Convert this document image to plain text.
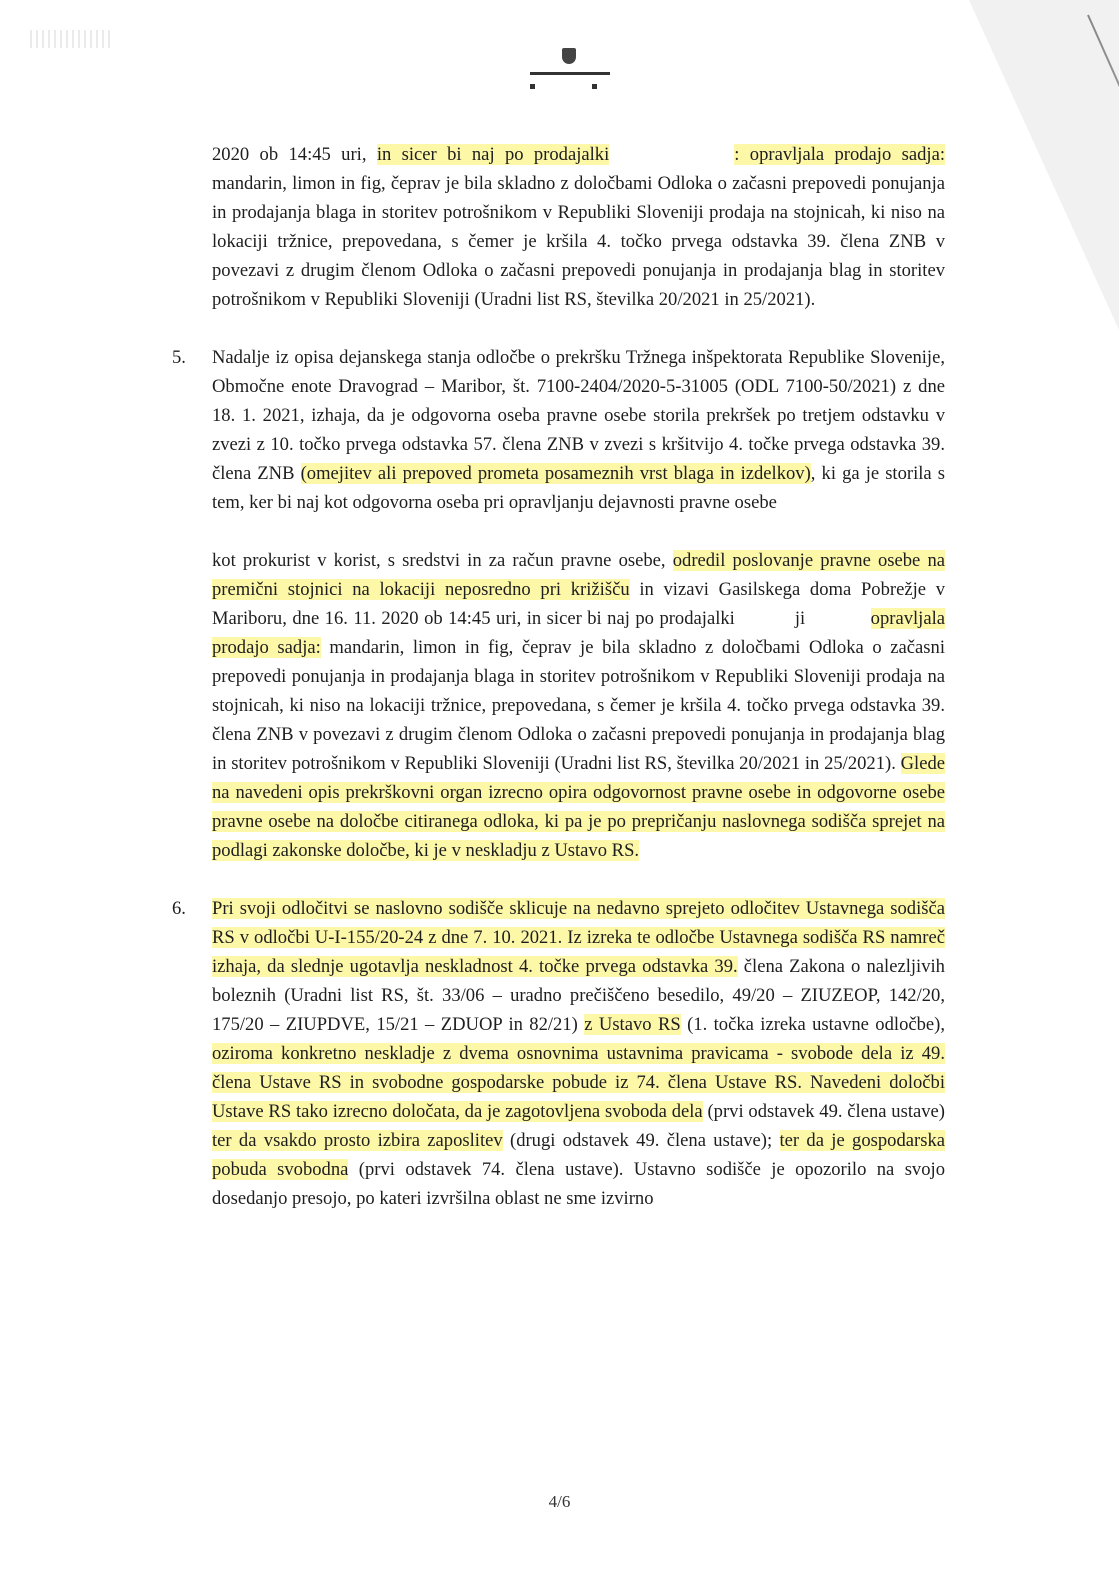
2020 ob 14:45 uri, in sicer bi naj po prodajalki	: opravljala prodajo sadja: mandarin, limon in fig, čeprav je bila skladno z določbami Odloka o začasni prepovedi ponujanja in prodajanja blaga in storitev potrošnikom v Republiki Sloveniji prodaja na stojnicah, ki niso na lokaciji tržnice, prepovedana, s čemer je kršila 4. točko prvega odstavka 39. člena ZNB v povezavi z drugim členom Odloka o začasni prepovedi ponujanja in prodajanja blag in storitev potrošnikom v Republiki Sloveniji (Uradni list RS, številka 20/2021 in 25/2021).

5. Nadalje iz opisa dejanskega stanja odločbe o prekršku Tržnega inšpektorata Republike Slovenije, Območne enote Dravograd – Maribor, št. 7100-2404/2020-5-31005 (ODL 7100-50/2021) z dne 18. 1. 2021, izhaja, da je odgovorna oseba pravne osebe storila prekršek po tretjem odstavku v zvezi z 10. točko prvega odstavka 57. člena ZNB v zvezi s kršitvijo 4. točke prvega odstavka 39. člena ZNB (omejitev ali prepoved prometa posameznih vrst blaga in izdelkov), ki ga je storila s tem, ker bi naj kot odgovorna oseba pri opravljanju dejavnosti pravne osebe
kot prokurist v korist, s sredstvi in za račun pravne osebe, odredil poslovanje pravne osebe na premični stojnici na lokaciji neposredno pri križišču in vizavi Gasilskega doma Pobrežje v Mariboru, dne 16. 11. 2020 ob 14:45 uri, in sicer bi naj po prodajalki	ji	opravljala prodajo sadja: mandarin, limon in fig, čeprav je bila skladno z določbami Odloka o začasni prepovedi ponujanja in prodajanja blaga in storitev potrošnikom v Republiki Sloveniji prodaja na stojnicah, ki niso na lokaciji tržnice, prepovedana, s čemer je kršila 4. točko prvega odstavka 39. člena ZNB v povezavi z drugim členom Odloka o začasni prepovedi ponujanja in prodajanja blag in storitev potrošnikom v Republiki Sloveniji (Uradni list RS, številka 20/2021 in 25/2021). Glede na navedeni opis prekrškovni organ izrecno opira odgovornost pravne osebe in odgovorne osebe pravne osebe na določbe citiranega odloka, ki pa je po prepričanju naslovnega sodišča sprejet na podlagi zakonske določbe, ki je v neskladju z Ustavo RS.

6. Pri svoji odločitvi se naslovno sodišče sklicuje na nedavno sprejeto odločitev Ustavnega sodišča RS v odločbi U-I-155/20-24 z dne 7. 10. 2021. Iz izreka te odločbe Ustavnega sodišča RS namreč izhaja, da slednje ugotavlja neskladnost 4. točke prvega odstavka 39. člena Zakona o nalezljivih boleznih (Uradni list RS, št. 33/06 – uradno prečiščeno besedilo, 49/20 – ZIUZEOP, 142/20, 175/20 – ZIUPDVE, 15/21 – ZDUOP in 82/21) z Ustavo RS (1. točka izreka ustavne odločbe), oziroma konkretno neskladje z dvema osnovnima ustavnima pravicama - svobode dela iz 49. člena Ustave RS in svobodne gospodarske pobude iz 74. člena Ustave RS. Navedeni določbi Ustave RS tako izrecno določata, da je zagotovljena svoboda dela (prvi odstavek 49. člena ustave) ter da vsakdo prosto izbira zaposlitev (drugi odstavek 49. člena ustave); ter da je gospodarska pobuda svobodna (prvi odstavek 74. člena ustave). Ustavno sodišče je opozorilo na svojo dosedanjo presojo, po kateri izvršilna oblast ne sme izvirno

4/6
